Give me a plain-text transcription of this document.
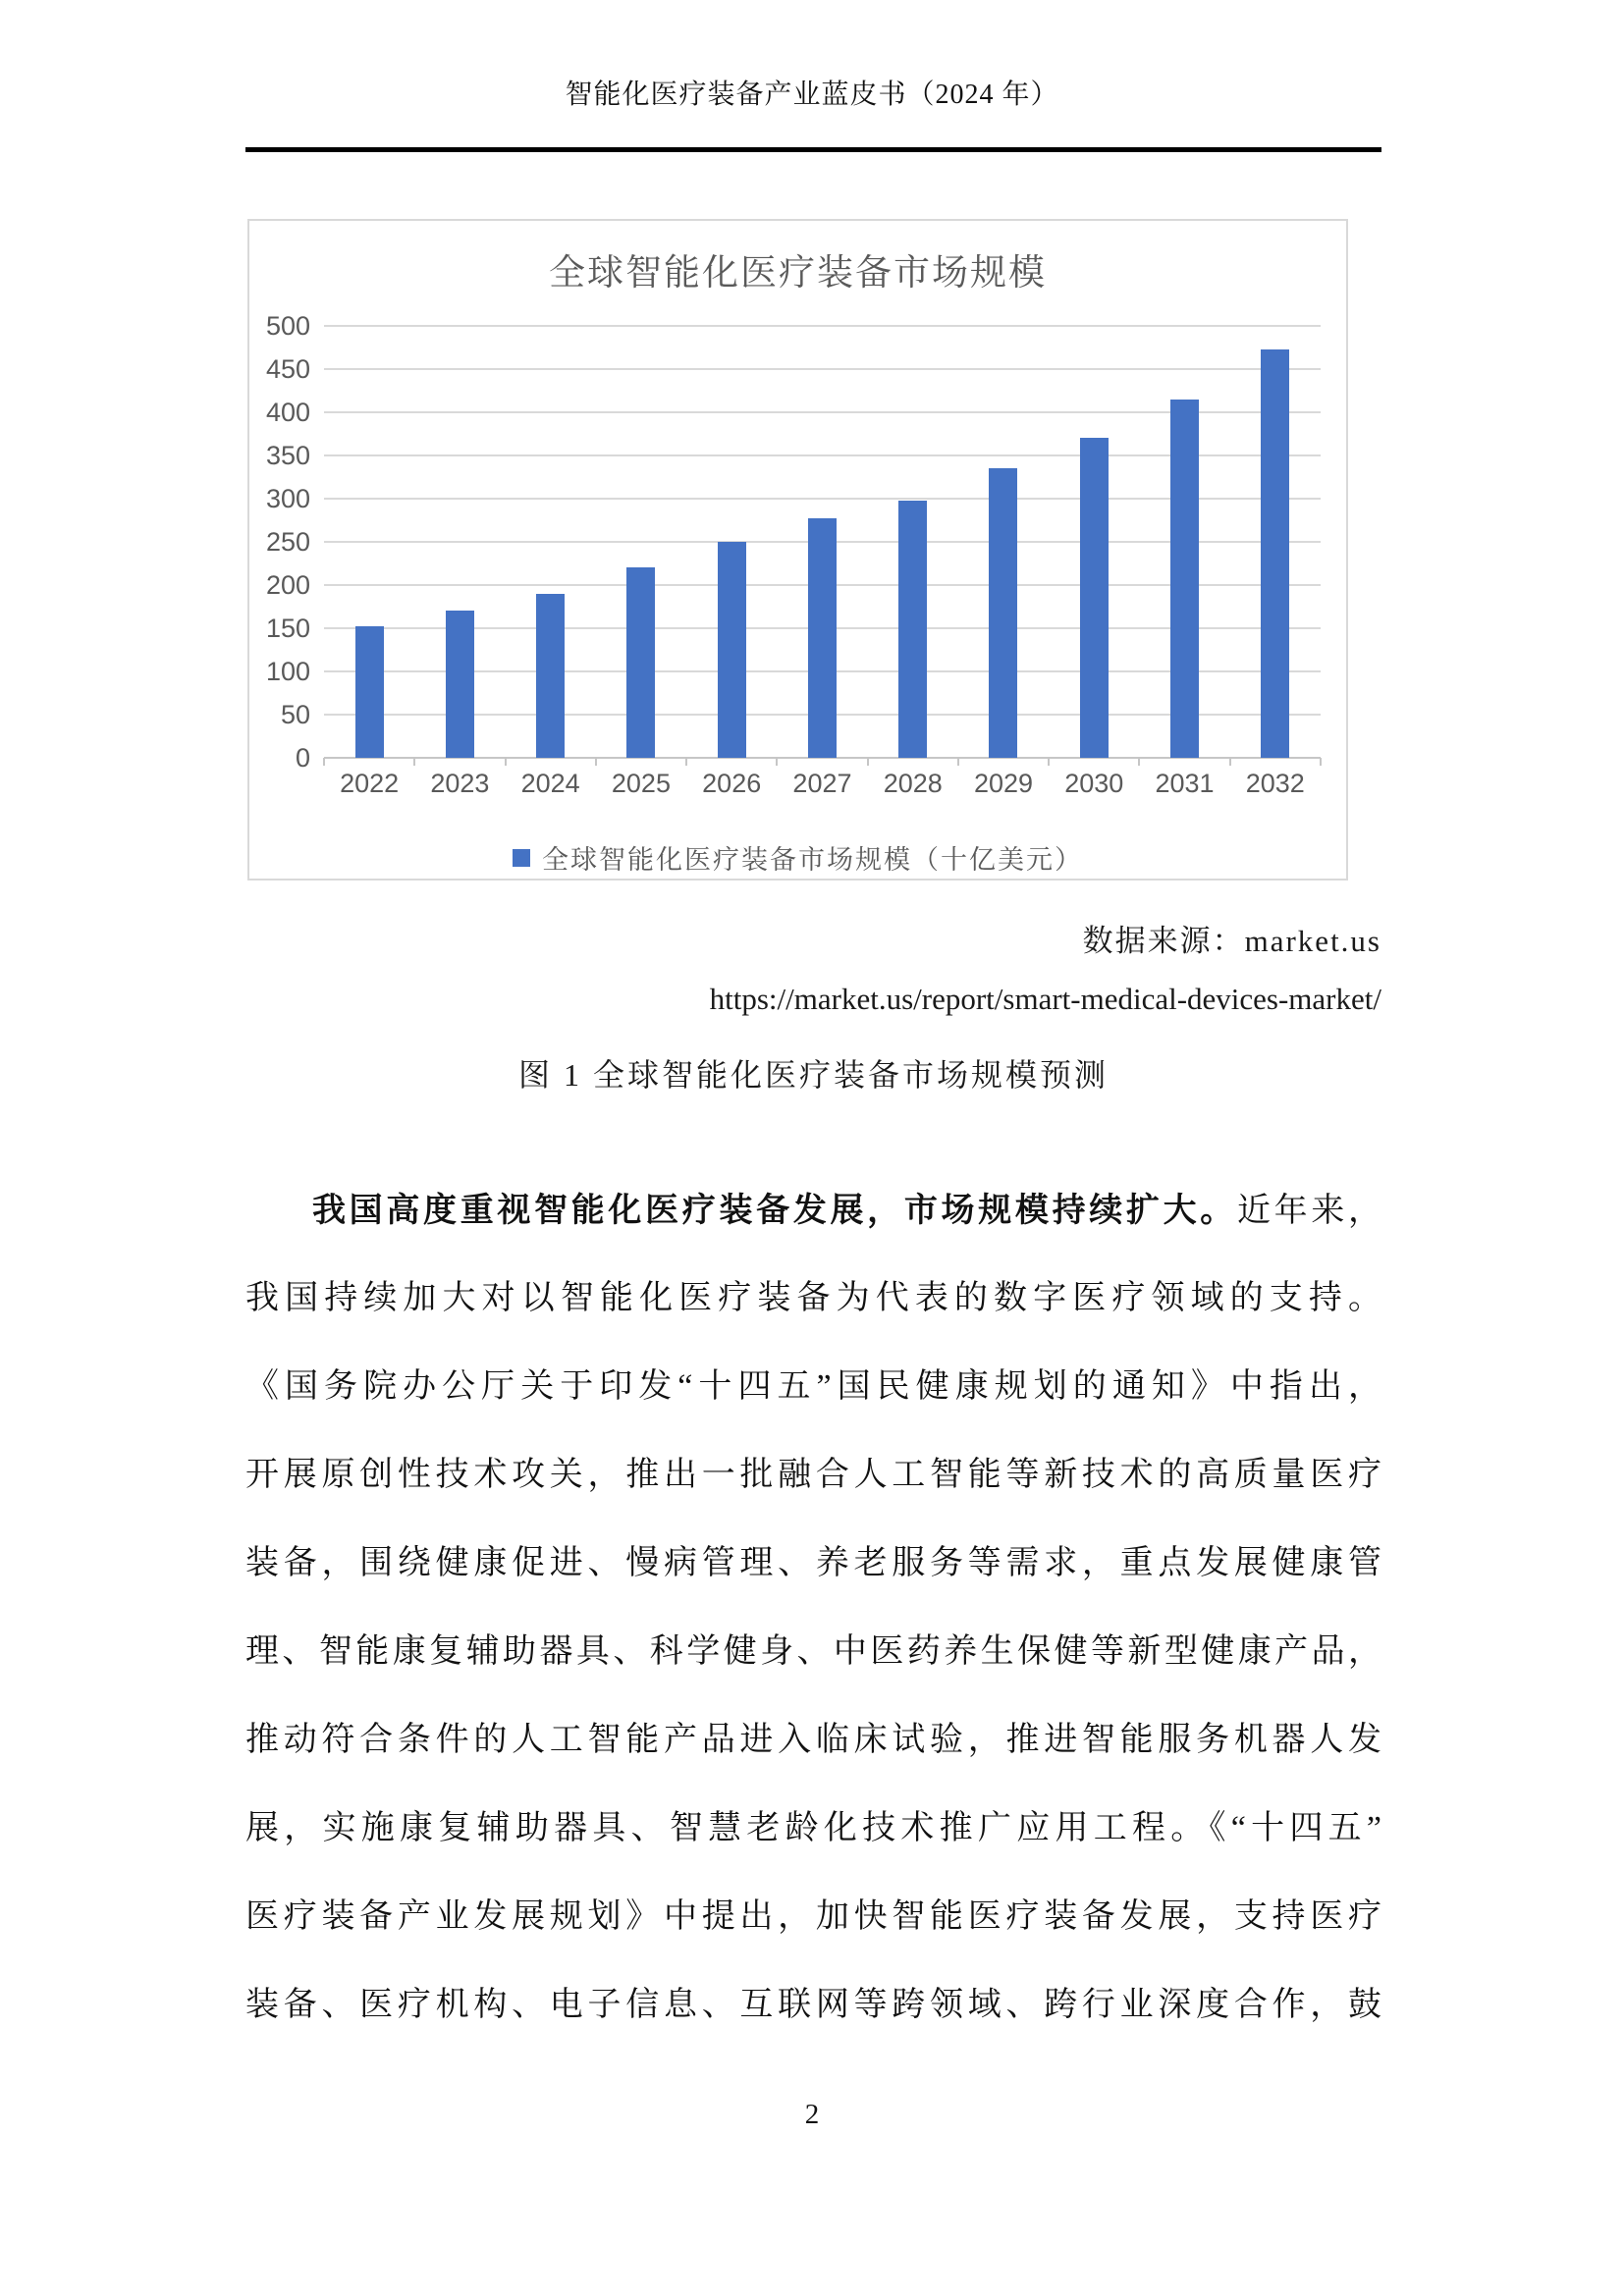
智能化医疗装备产业蓝皮书（2024 年）
全球智能化医疗装备市场规模
2022	2023	2024	2025	2026	2027	2028	2029	2030	2031	2032
全球智能化医疗装备市场规模（十亿美元）
0
50
100
150
200
250
300
350
400
450
500
数据来源：market.us
https://market.us/report/smart-medical-devices-market/
图 1 全球智能化医疗装备市场规模预测
我国高度重视智能化医疗装备发展，市场规模持续扩大。近年来，
我国持续加大对以智能化医疗装备为代表的数字医疗领域的支持。
《国务院办公厅关于印发“十四五”国民健康规划的通知》中指出，
开展原创性技术攻关，推出一批融合人工智能等新技术的高质量医疗
装备，围绕健康促进、慢病管理、养老服务等需求，重点发展健康管
理、智能康复辅助器具、科学健身、中医药养生保健等新型健康产品，
推动符合条件的人工智能产品进入临床试验，推进智能服务机器人发
展，实施康复辅助器具、智慧老龄化技术推广应用工程。《“十四五”
医疗装备产业发展规划》中提出，加快智能医疗装备发展，支持医疗
装备、医疗机构、电子信息、互联网等跨领域、跨行业深度合作，鼓
2
